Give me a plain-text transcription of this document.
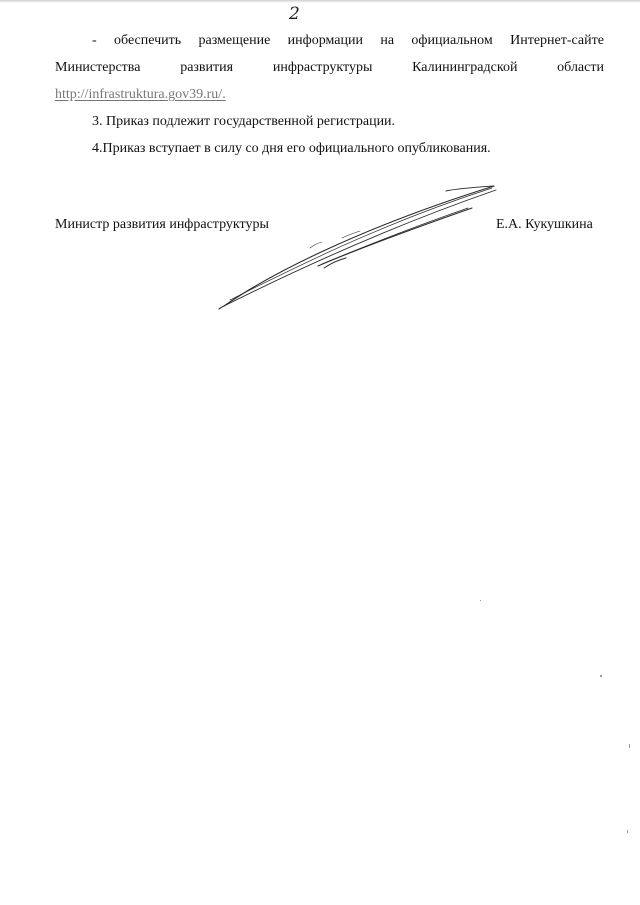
2
- обеспечить размещение информации на официальном Интернет-сайте
Министерства	развития	инфраструктуры	Калининградской	области
http://infrastruktura.gov39.ru/.
3. Приказ подлежит государственной регистрации.
4.Приказ вступает в силу со дня его официального опубликования.
Министр развития инфраструктуры	Е.А. Кукушкина
